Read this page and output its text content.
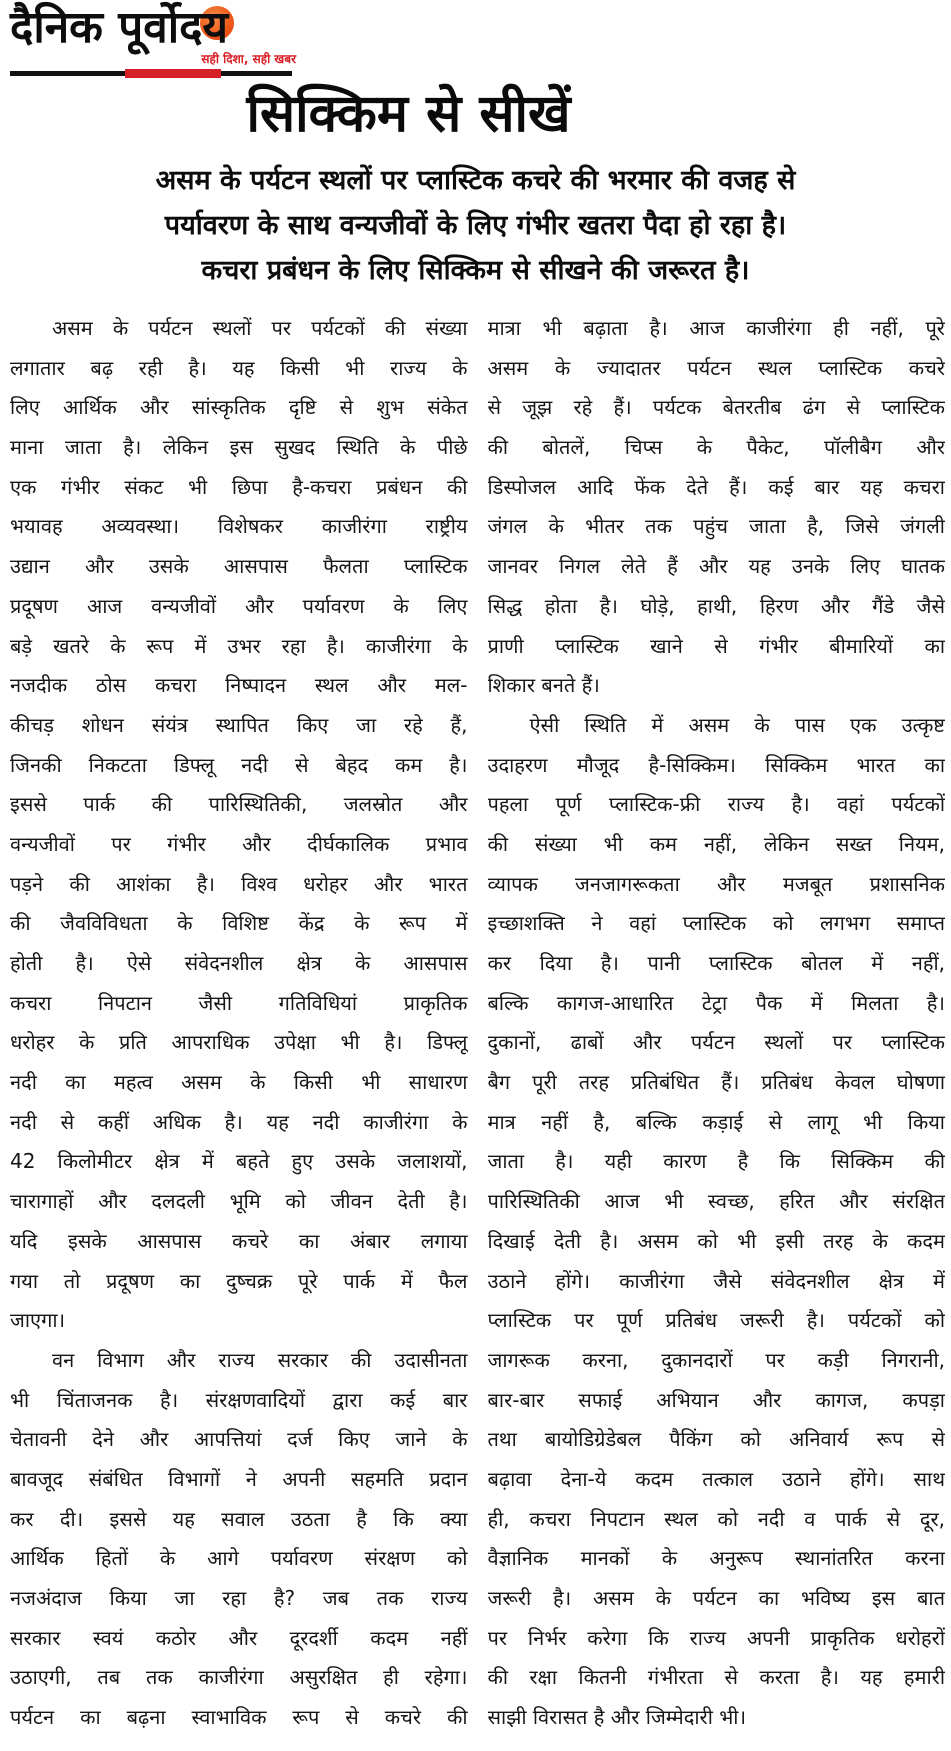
दैनिक पूर्वोदय
सही दिशा, सही खबर
सिक्किम से सीखें
असम के पर्यटन स्थलों पर प्लास्टिक कचरे की भरमार की वजह से
पर्यावरण के साथ वन्यजीवों के लिए गंभीर खतरा पैदा हो रहा है।
कचरा प्रबंधन के लिए सिक्किम से सीखने की जरूरत है।
असम के पर्यटन स्थलों पर पर्यटकों की संख्या
लगातार बढ़ रही है। यह किसी भी राज्य के
लिए आर्थिक और सांस्कृतिक दृष्टि से शुभ संकेत
माना जाता है। लेकिन इस सुखद स्थिति के पीछे
एक गंभीर संकट भी छिपा है-कचरा प्रबंधन की
भयावह अव्यवस्था। विशेषकर काजीरंगा राष्ट्रीय
उद्यान और उसके आसपास फैलता प्लास्टिक
प्रदूषण आज वन्यजीवों और पर्यावरण के लिए
बड़े खतरे के रूप में उभर रहा है। काजीरंगा के
नजदीक ठोस कचरा निष्पादन स्थल और मल-
कीचड़ शोधन संयंत्र स्थापित किए जा रहे हैं,
जिनकी निकटता डिफ्लू नदी से बेहद कम है।
इससे पार्क की पारिस्थितिकी, जलस्रोत और
वन्यजीवों पर गंभीर और दीर्घकालिक प्रभाव
पड़ने की आशंका है। विश्व धरोहर और भारत
की जैवविविधता के विशिष्ट केंद्र के रूप में
होती है। ऐसे संवेदनशील क्षेत्र के आसपास
कचरा निपटान जैसी गतिविधियां प्राकृतिक
धरोहर के प्रति आपराधिक उपेक्षा भी है। डिफ्लू
नदी का महत्व असम के किसी भी साधारण
नदी से कहीं अधिक है। यह नदी काजीरंगा के
42 किलोमीटर क्षेत्र में बहते हुए उसके जलाशयों,
चारागाहों और दलदली भूमि को जीवन देती है।
यदि इसके आसपास कचरे का अंबार लगाया
गया तो प्रदूषण का दुष्चक्र पूरे पार्क में फैल
जाएगा।
वन विभाग और राज्य सरकार की उदासीनता
भी चिंताजनक है। संरक्षणवादियों द्वारा कई बार
चेतावनी देने और आपत्तियां दर्ज किए जाने के
बावजूद संबंधित विभागों ने अपनी सहमति प्रदान
कर दी। इससे यह सवाल उठता है कि क्या
आर्थिक हितों के आगे पर्यावरण संरक्षण को
नजअंदाज किया जा रहा है? जब तक राज्य
सरकार स्वयं कठोर और दूरदर्शी कदम नहीं
उठाएगी, तब तक काजीरंगा असुरक्षित ही रहेगा।
पर्यटन का बढ़ना स्वाभाविक रूप से कचरे की
मात्रा भी बढ़ाता है। आज काजीरंगा ही नहीं, पूरे
असम के ज्यादातर पर्यटन स्थल प्लास्टिक कचरे
से जूझ रहे हैं। पर्यटक बेतरतीब ढंग से प्लास्टिक
की बोतलें, चिप्स के पैकेट, पॉलीबैग और
डिस्पोजल आदि फेंक देते हैं। कई बार यह कचरा
जंगल के भीतर तक पहुंच जाता है, जिसे जंगली
जानवर निगल लेते हैं और यह उनके लिए घातक
सिद्ध होता है। घोड़े, हाथी, हिरण और गैंडे जैसे
प्राणी प्लास्टिक खाने से गंभीर बीमारियों का
शिकार बनते हैं।
ऐसी स्थिति में असम के पास एक उत्कृष्ट
उदाहरण मौजूद है-सिक्किम। सिक्किम भारत का
पहला पूर्ण प्लास्टिक-फ्री राज्य है। वहां पर्यटकों
की संख्या भी कम नहीं, लेकिन सख्त नियम,
व्यापक जनजागरूकता और मजबूत प्रशासनिक
इच्छाशक्ति ने वहां प्लास्टिक को लगभग समाप्त
कर दिया है। पानी प्लास्टिक बोतल में नहीं,
बल्कि कागज-आधारित टेट्रा पैक में मिलता है।
दुकानों, ढाबों और पर्यटन स्थलों पर प्लास्टिक
बैग पूरी तरह प्रतिबंधित हैं। प्रतिबंध केवल घोषणा
मात्र नहीं है, बल्कि कड़ाई से लागू भी किया
जाता है। यही कारण है कि सिक्किम की
पारिस्थितिकी आज भी स्वच्छ, हरित और संरक्षित
दिखाई देती है। असम को भी इसी तरह के कदम
उठाने होंगे। काजीरंगा जैसे संवेदनशील क्षेत्र में
प्लास्टिक पर पूर्ण प्रतिबंध जरूरी है। पर्यटकों को
जागरूक करना, दुकानदारों पर कड़ी निगरानी,
बार-बार सफाई अभियान और कागज, कपड़ा
तथा बायोडिग्रेडेबल पैकिंग को अनिवार्य रूप से
बढ़ावा देना-ये कदम तत्काल उठाने होंगे। साथ
ही, कचरा निपटान स्थल को नदी व पार्क से दूर,
वैज्ञानिक मानकों के अनुरूप स्थानांतरित करना
जरूरी है। असम के पर्यटन का भविष्य इस बात
पर निर्भर करेगा कि राज्य अपनी प्राकृतिक धरोहरों
की रक्षा कितनी गंभीरता से करता है। यह हमारी
साझी विरासत है और जिम्मेदारी भी।
